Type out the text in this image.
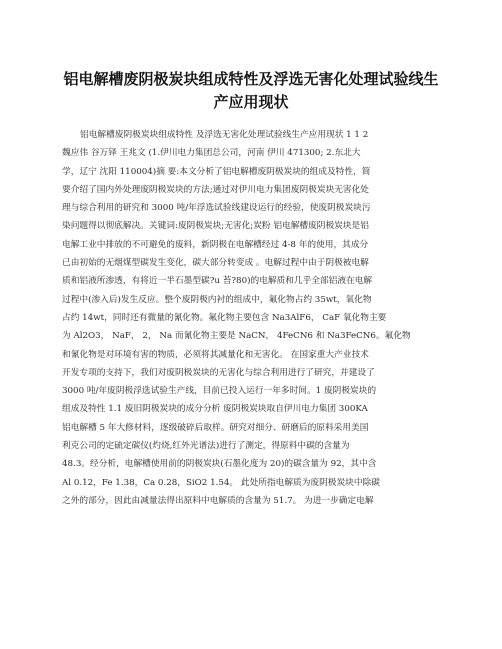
铝电解槽废阴极炭块组成特性及浮选无害化处理试验线生
产应用现状
铝电解槽废阴极炭块组成特性 及浮选无害化处理试验线生产应用现状 1 1 2
魏应伟 谷万铎 王兆文 (1.伊川电力集团总公司，河南 伊川 471300; 2.东北大
学，辽宁 沈阳 110004)摘 要:本文分析了铝电解槽废阴极炭块的组成及特性，简
要介绍了国内外处理废阴极炭块的方法;通过对伊川电力集团废阴极炭块无害化处
理与综合利用的研究和 3000 吨/年浮选试验线建设运行的经验，使废阴极炭块污
染问题得以彻底解决。关键词:废阴极炭块;无害化;炭粉 铝电解槽废阴极炭块是铝
电解工业中排放的不可避免的废料，新阴极在电解槽经过 4-8 年的使用，其成分
已由初始的无烟煤型碳发生变化，碳大部分转变成 。电解过程中由于阴极被电解
质和铝液所渗透，有将近一半石墨型碳?u 苔?80)的电解质和几乎全部铝液在电解
过程中(渗入后)发生反应。整个废阴极内衬的组成中，氟化物占约 35wt，氧化物
占约 14wt，同时还有微量的氰化物。氟化物主要包含 Na3AlF6， CaF 氧化物主要
为 Al2O3， NaF， 2， Na 而氰化物主要是 NaCN， 4FeCN6 和 Na3FeCN6。氟化物
和氰化物是对环境有害的物质，必须将其减量化和无害化。 在国家重大产业技术
开发专项的支持下，我们对废阴极炭块的无害化与综合利用进行了研究，并建设了
3000 吨/年废阴极浮选试验生产线，目前已投入运行一年多时间。1 废阴极炭块的
组成及特性 1.1 废旧阴极炭块的成分分析 废阴极炭块取自伊川电力集团 300KA
铝电解槽 5 年大修材料，逐级破碎后取样。研究对细分、研磨后的原料采用美国
利克公司的定硫定碳仪(灼烧,红外光谱法)进行了测定，得原料中碳的含量为
48.3。经分析，电解槽使用前的阴极炭块(石墨化度为 20)的碳含量为 92，其中含
Al 0.12，Fe 1.38，Ca 0.28，SiO2 1.54。 此处所指电解质为废阴极炭块中除碳
之外的部分，因此由减量法得出原料中电解质的含量为 51.7。 为进一步确定电解
